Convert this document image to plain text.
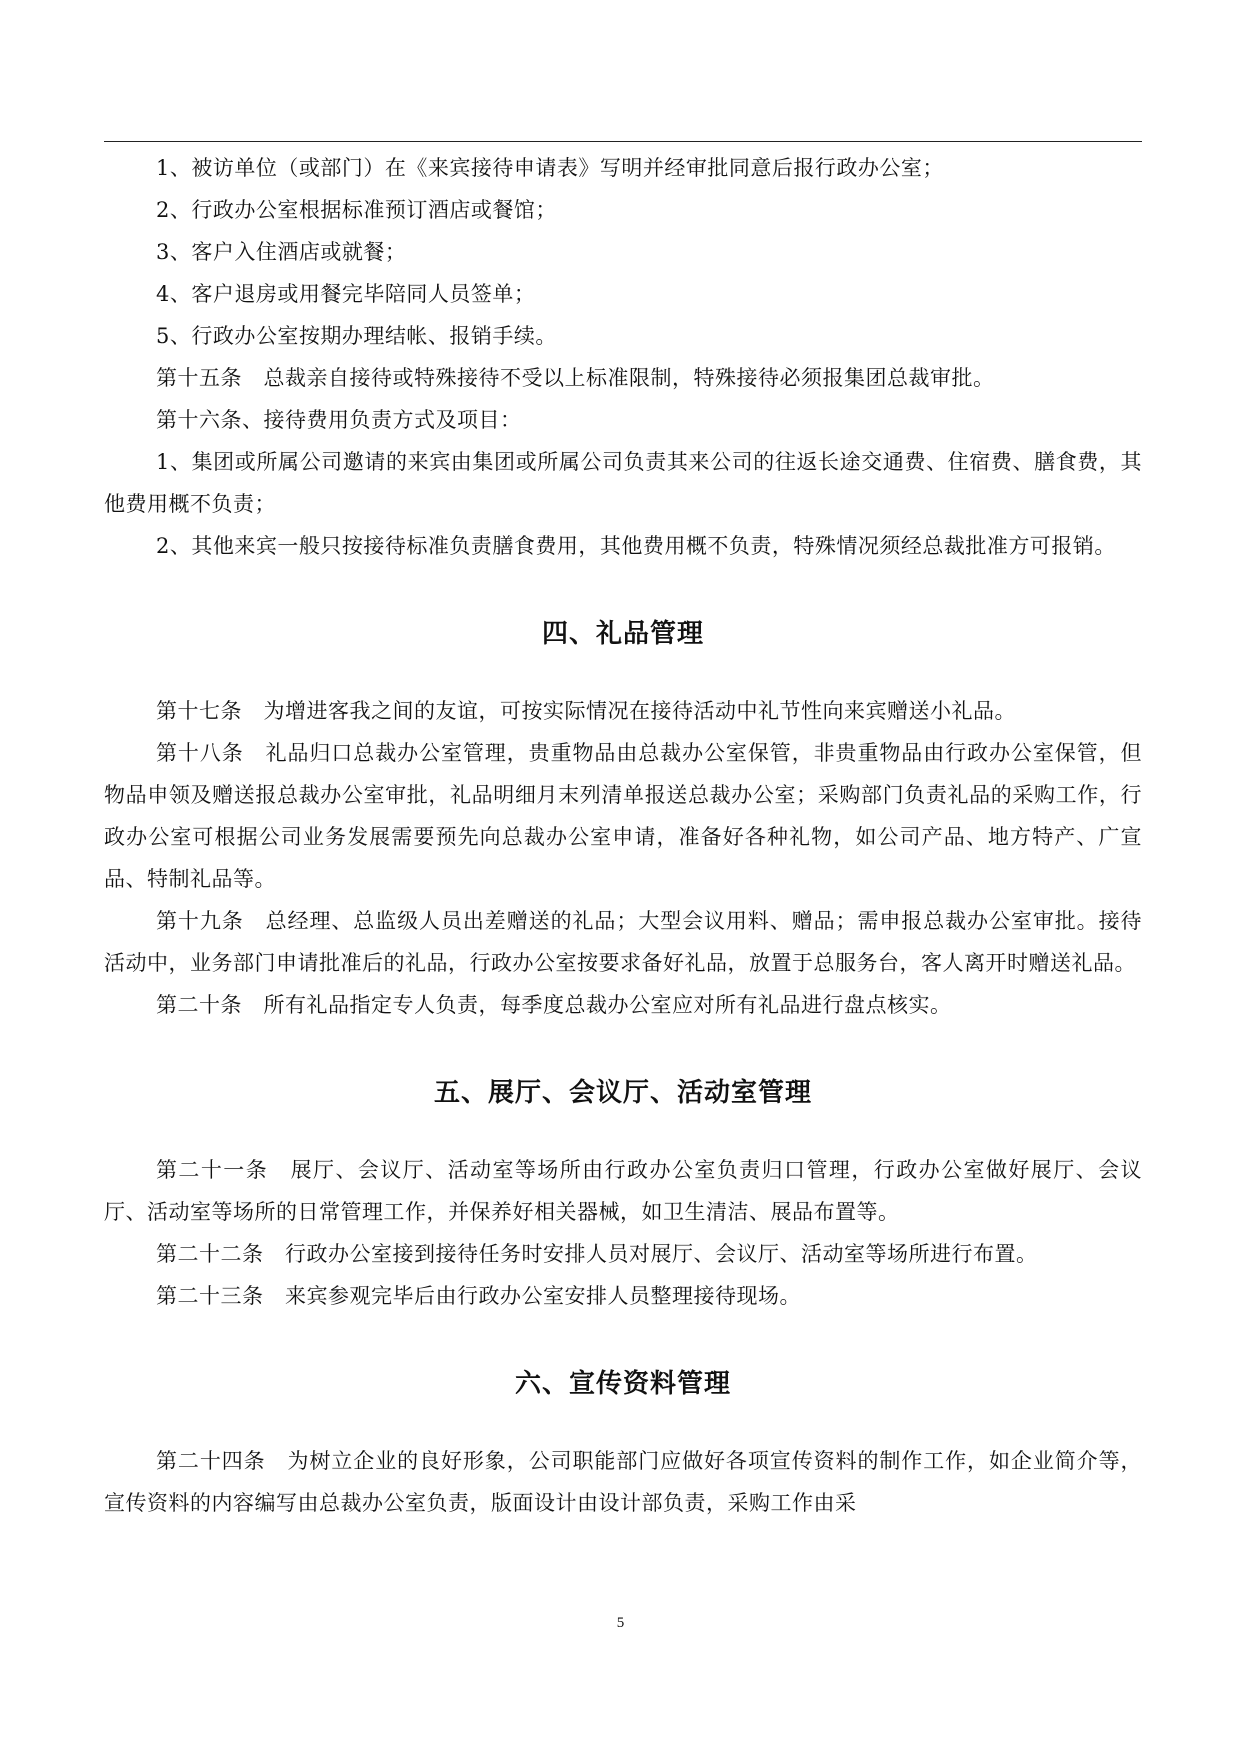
1、被访单位（或部门）在《来宾接待申请表》写明并经审批同意后报行政办公室；

2、行政办公室根据标准预订酒店或餐馆；

3、客户入住酒店或就餐；

4、客户退房或用餐完毕陪同人员签单；

5、行政办公室按期办理结帐、报销手续。

第十五条　总裁亲自接待或特殊接待不受以上标准限制，特殊接待必须报集团总裁审批。

第十六条、接待费用负责方式及项目：

1、集团或所属公司邀请的来宾由集团或所属公司负责其来公司的往返长途交通费、住宿费、膳食费，其他费用概不负责；

2、其他来宾一般只按接待标准负责膳食费用，其他费用概不负责，特殊情况须经总裁批准方可报销。

四、礼品管理

第十七条　为增进客我之间的友谊，可按实际情况在接待活动中礼节性向来宾赠送小礼品。

第十八条　礼品归口总裁办公室管理，贵重物品由总裁办公室保管，非贵重物品由行政办公室保管，但物品申领及赠送报总裁办公室审批，礼品明细月末列清单报送总裁办公室；采购部门负责礼品的采购工作，行政办公室可根据公司业务发展需要预先向总裁办公室申请，准备好各种礼物，如公司产品、地方特产、广宣品、特制礼品等。

第十九条　总经理、总监级人员出差赠送的礼品；大型会议用料、赠品；需申报总裁办公室审批。接待活动中，业务部门申请批准后的礼品，行政办公室按要求备好礼品，放置于总服务台，客人离开时赠送礼品。

第二十条　所有礼品指定专人负责，每季度总裁办公室应对所有礼品进行盘点核实。

五、展厅、会议厅、活动室管理

第二十一条　展厅、会议厅、活动室等场所由行政办公室负责归口管理，行政办公室做好展厅、会议厅、活动室等场所的日常管理工作，并保养好相关器械，如卫生清洁、展品布置等。

第二十二条　行政办公室接到接待任务时安排人员对展厅、会议厅、活动室等场所进行布置。

第二十三条　来宾参观完毕后由行政办公室安排人员整理接待现场。

六、宣传资料管理

第二十四条　为树立企业的良好形象，公司职能部门应做好各项宣传资料的制作工作，如企业简介等，宣传资料的内容编写由总裁办公室负责，版面设计由设计部负责，采购工作由采

5
